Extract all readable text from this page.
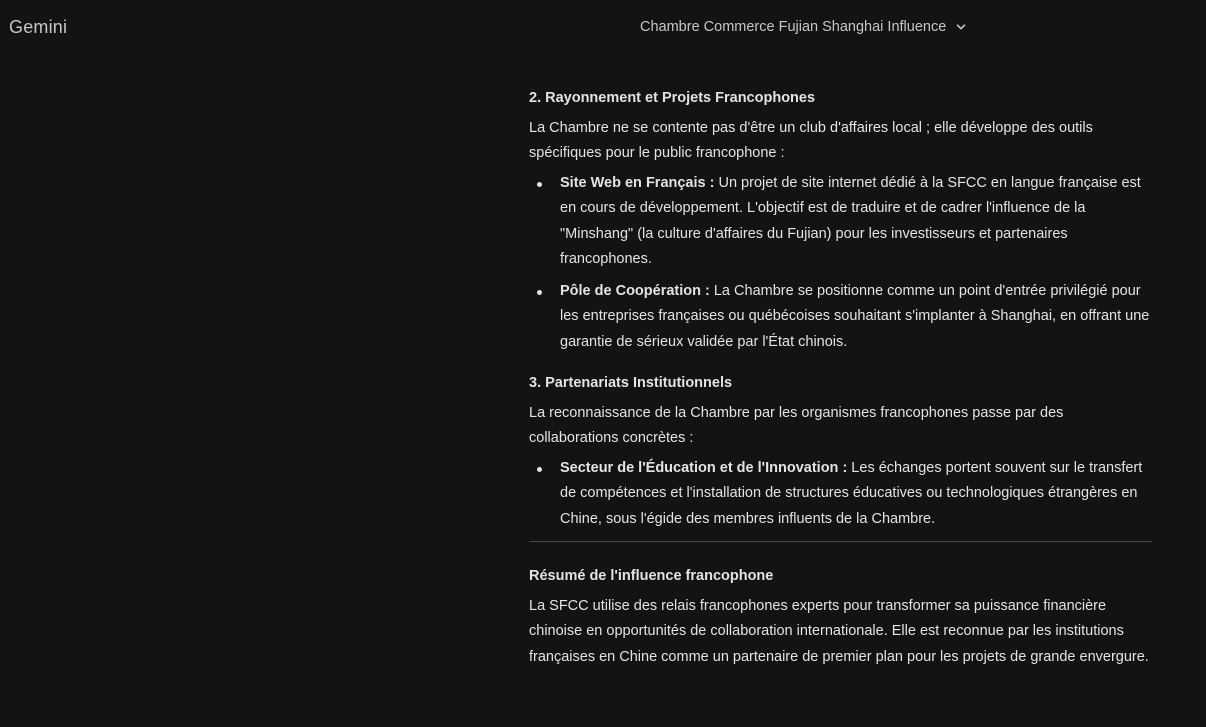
Gemini	Chambre Commerce Fujian Shanghai Influence
2. Rayonnement et Projets Francophones

La Chambre ne se contente pas d'être un club d'affaires local ; elle développe des outils spécifiques pour le public francophone :

Site Web en Français : Un projet de site internet dédié à la SFCC en langue française est en cours de développement. L'objectif est de traduire et de cadrer l'influence de la "Minshang" (la culture d'affaires du Fujian) pour les investisseurs et partenaires francophones.
Pôle de Coopération : La Chambre se positionne comme un point d'entrée privilégié pour les entreprises françaises ou québécoises souhaitant s'implanter à Shanghai, en offrant une garantie de sérieux validée par l'État chinois.
3. Partenariats Institutionnels

La reconnaissance de la Chambre par les organismes francophones passe par des collaborations concrètes :

Secteur de l'Éducation et de l'Innovation : Les échanges portent souvent sur le transfert de compétences et l'installation de structures éducatives ou technologiques étrangères en Chine, sous l'égide des membres influents de la Chambre.
Résumé de l'influence francophone

La SFCC utilise des relais francophones experts pour transformer sa puissance financière chinoise en opportunités de collaboration internationale. Elle est reconnue par les institutions françaises en Chine comme un partenaire de premier plan pour les projets de grande envergure.
